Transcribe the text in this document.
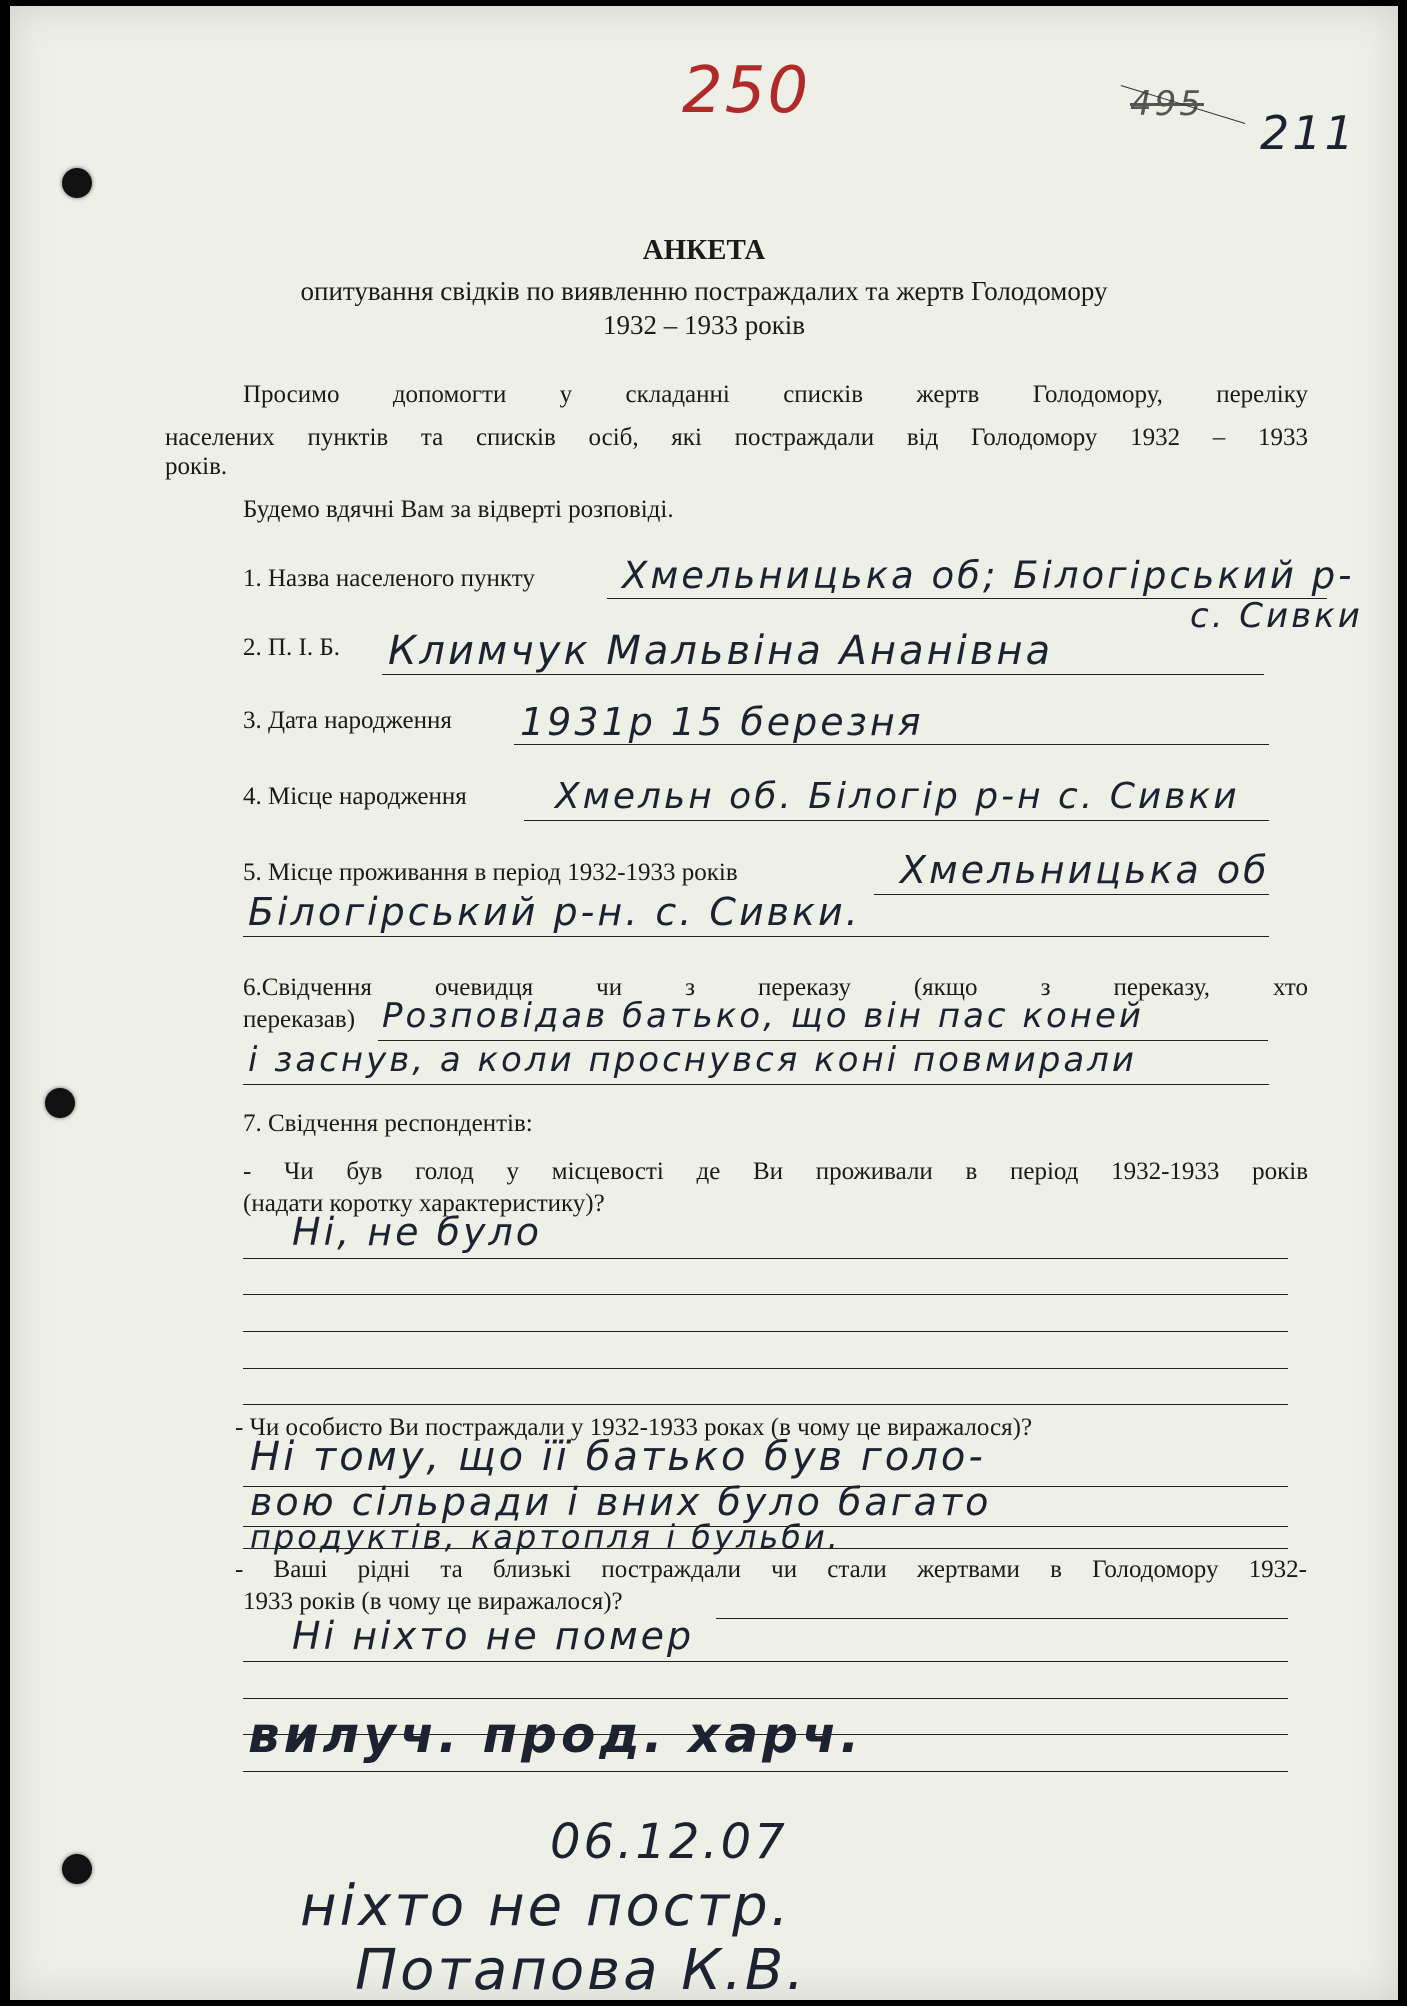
250	495
211
АНКЕТА
опитування свідків по виявленню постраждалих та жертв Голодомору
1932 – 1933 років
Просимо допомогти у складанні списків жертв Голодомору, переліку
населених пунктів та списків осіб, які постраждали від Голодомору 1932 – 1933
років.
Будемо вдячні Вам за відверті розповіді.
1. Назва населеного пункту Хмельницька об; Білогірський р-
с. Сивки
2. П. І. Б. Климчук Мальвіна Ананівна
3. Дата народження 1931р 15 березня
4. Місце народження Хмельн об. Білогір р-н с. Сивки
5. Місце проживання в період 1932-1933 років	Хмельницька об
Білогірський р-н. с. Сивки.
6.Свідчення очевидця чи з переказу (якщо з переказу, хто
переказав) Розповідав батько, що він пас коней
і заснув, а коли проснувся коні повмирали
7. Свідчення респондентів:
- Чи був голод у місцевості де Ви проживали в період 1932-1933 років
(надати коротку характеристику)?
Ні, не було
- Чи особисто Ви постраждали у 1932-1933 роках (в чому це виражалося)?
Ні тому, що її батько був голо-
вою сільради і вних було багато
продуктів, картопля і бульби.
- Ваші рідні та близькі постраждали чи стали жертвами в Голодомору 1932-
1933 років (в чому це виражалося)?
Ні ніхто не помер
вилуч. прод. харч.
06.12.07
ніхто не постр.
Потапова К.В.
